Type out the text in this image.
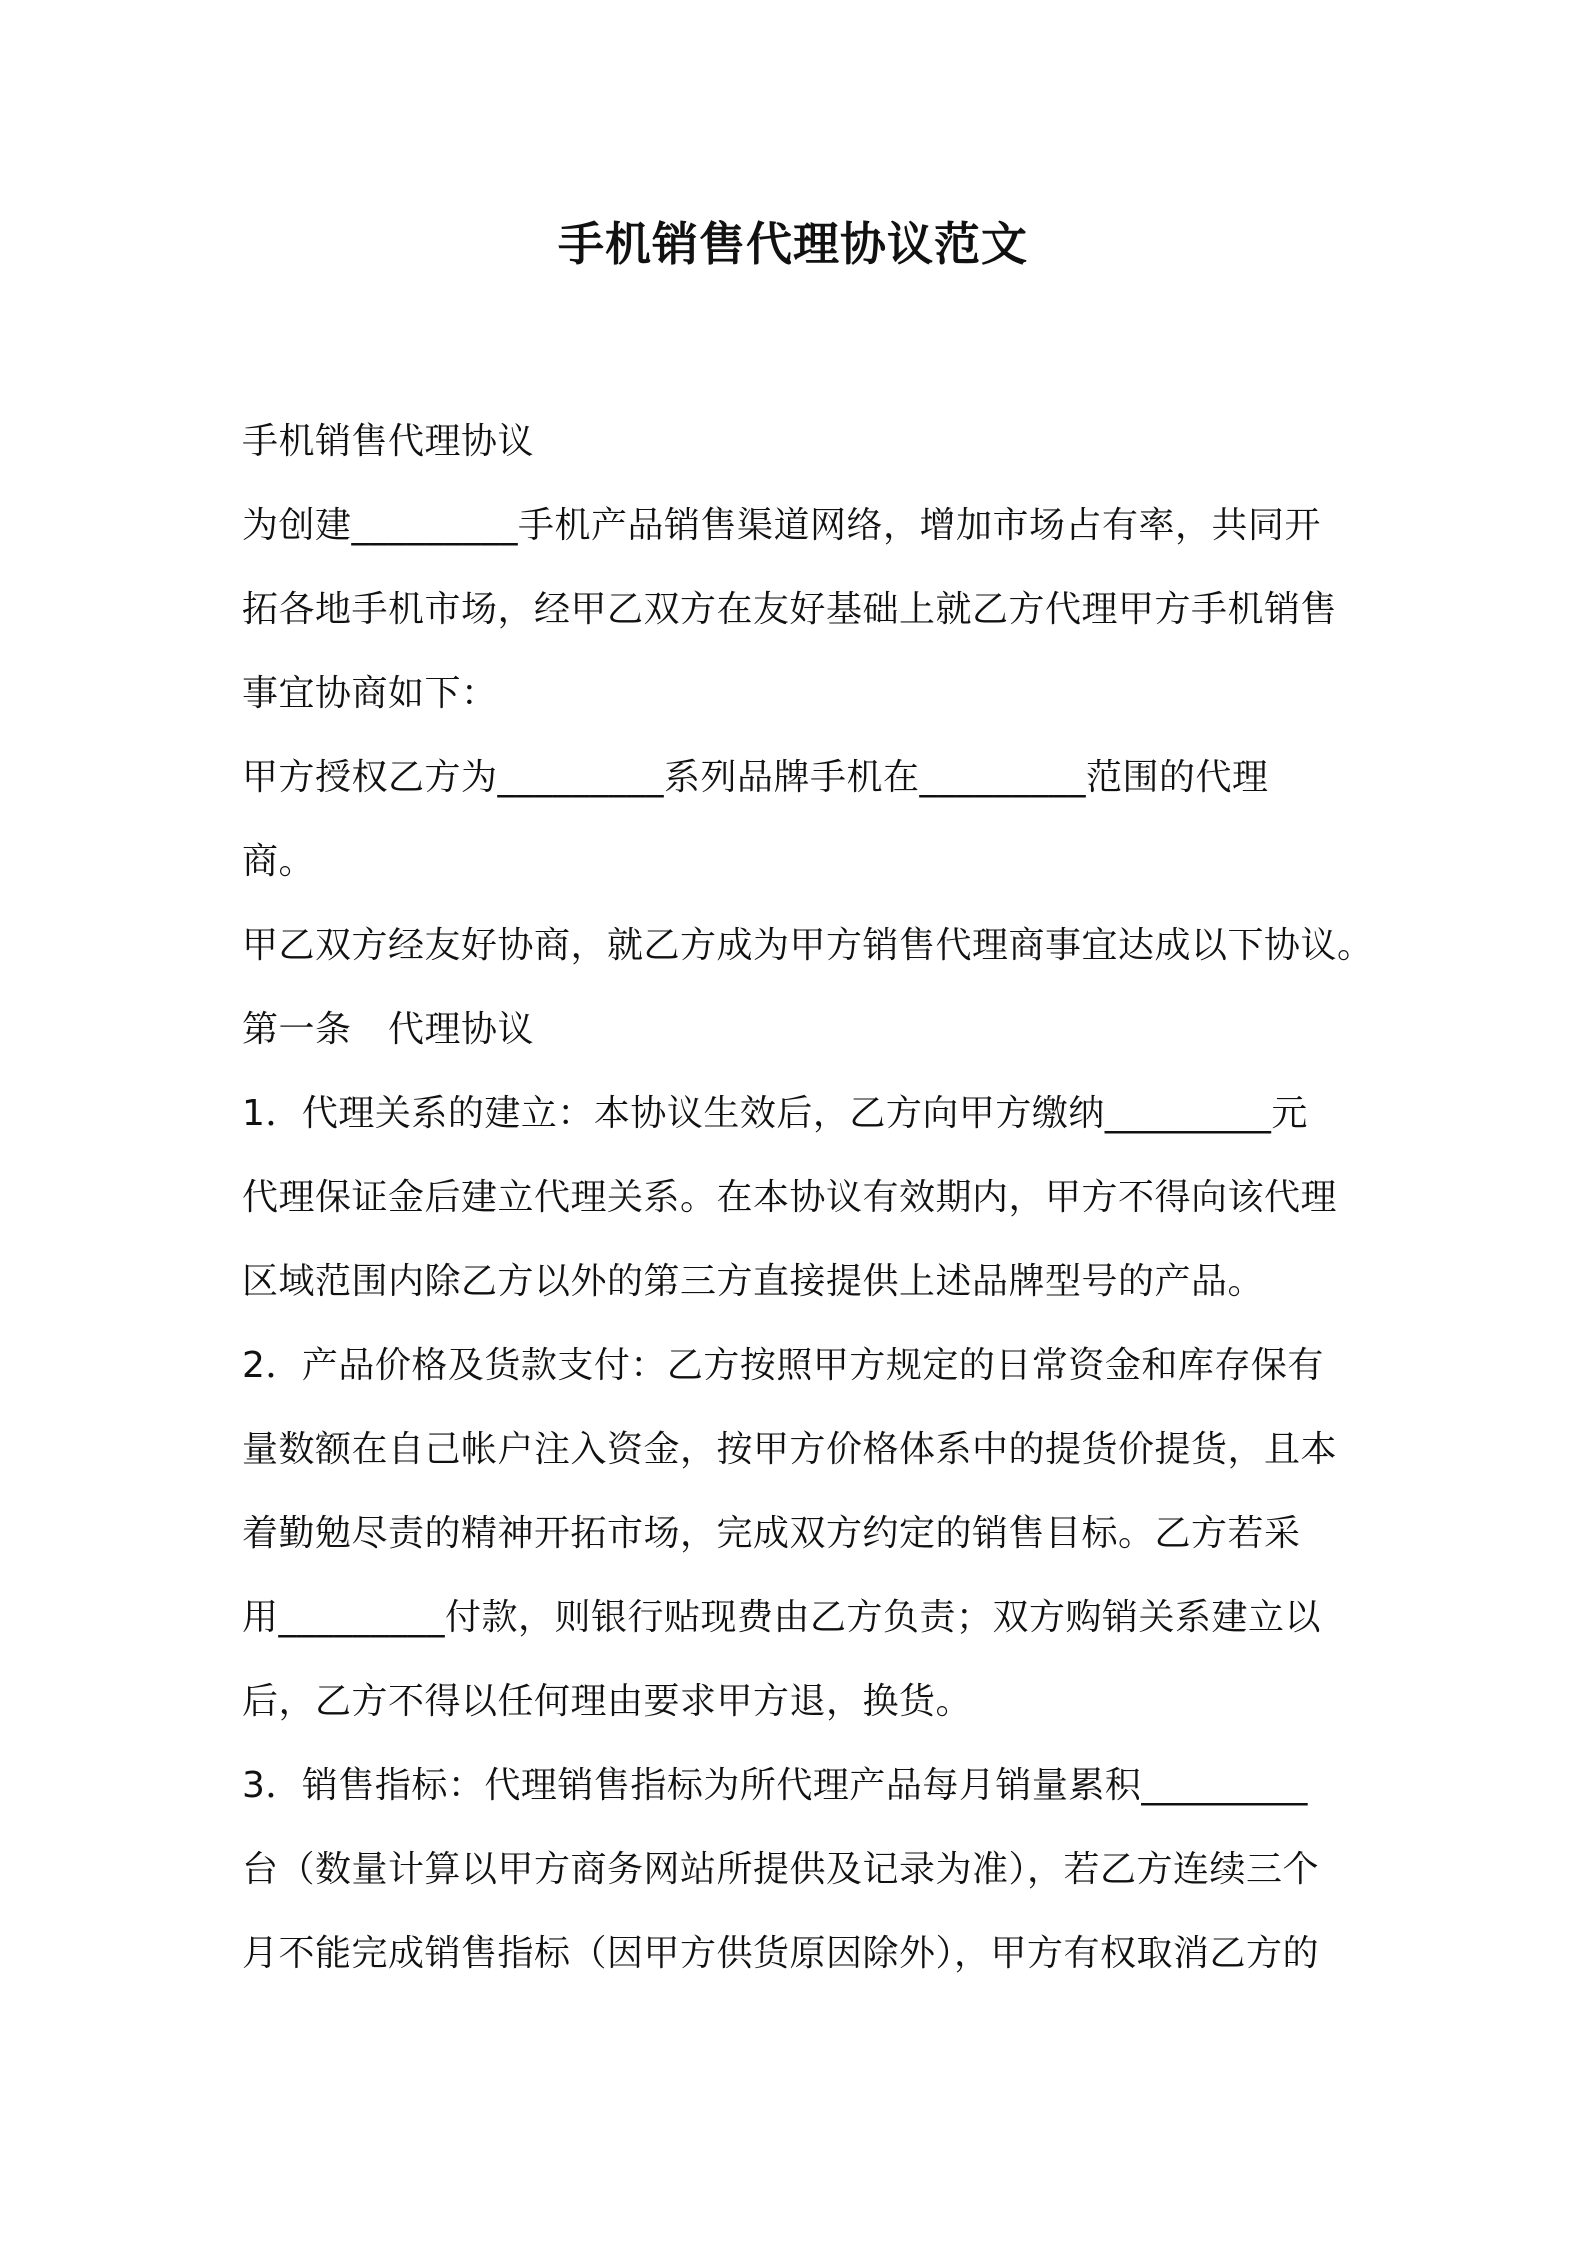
手机销售代理协议范文
手机销售代理协议
为创建_________手机产品销售渠道网络，增加市场占有率，共同开
拓各地手机市场，经甲乙双方在友好基础上就乙方代理甲方手机销售
事宜协商如下：
甲方授权乙方为_________系列品牌手机在_________范围的代理
商。
甲乙双方经友好协商，就乙方成为甲方销售代理商事宜达成以下协议。
第一条　代理协议
1．代理关系的建立：本协议生效后，乙方向甲方缴纳_________元
代理保证金后建立代理关系。在本协议有效期内，甲方不得向该代理
区域范围内除乙方以外的第三方直接提供上述品牌型号的产品。
2．产品价格及货款支付：乙方按照甲方规定的日常资金和库存保有
量数额在自己帐户注入资金，按甲方价格体系中的提货价提货，且本
着勤勉尽责的精神开拓市场，完成双方约定的销售目标。乙方若采
用_________付款，则银行贴现费由乙方负责；双方购销关系建立以
后，乙方不得以任何理由要求甲方退，换货。
3．销售指标：代理销售指标为所代理产品每月销量累积_________
台（数量计算以甲方商务网站所提供及记录为准），若乙方连续三个
月不能完成销售指标（因甲方供货原因除外），甲方有权取消乙方的
